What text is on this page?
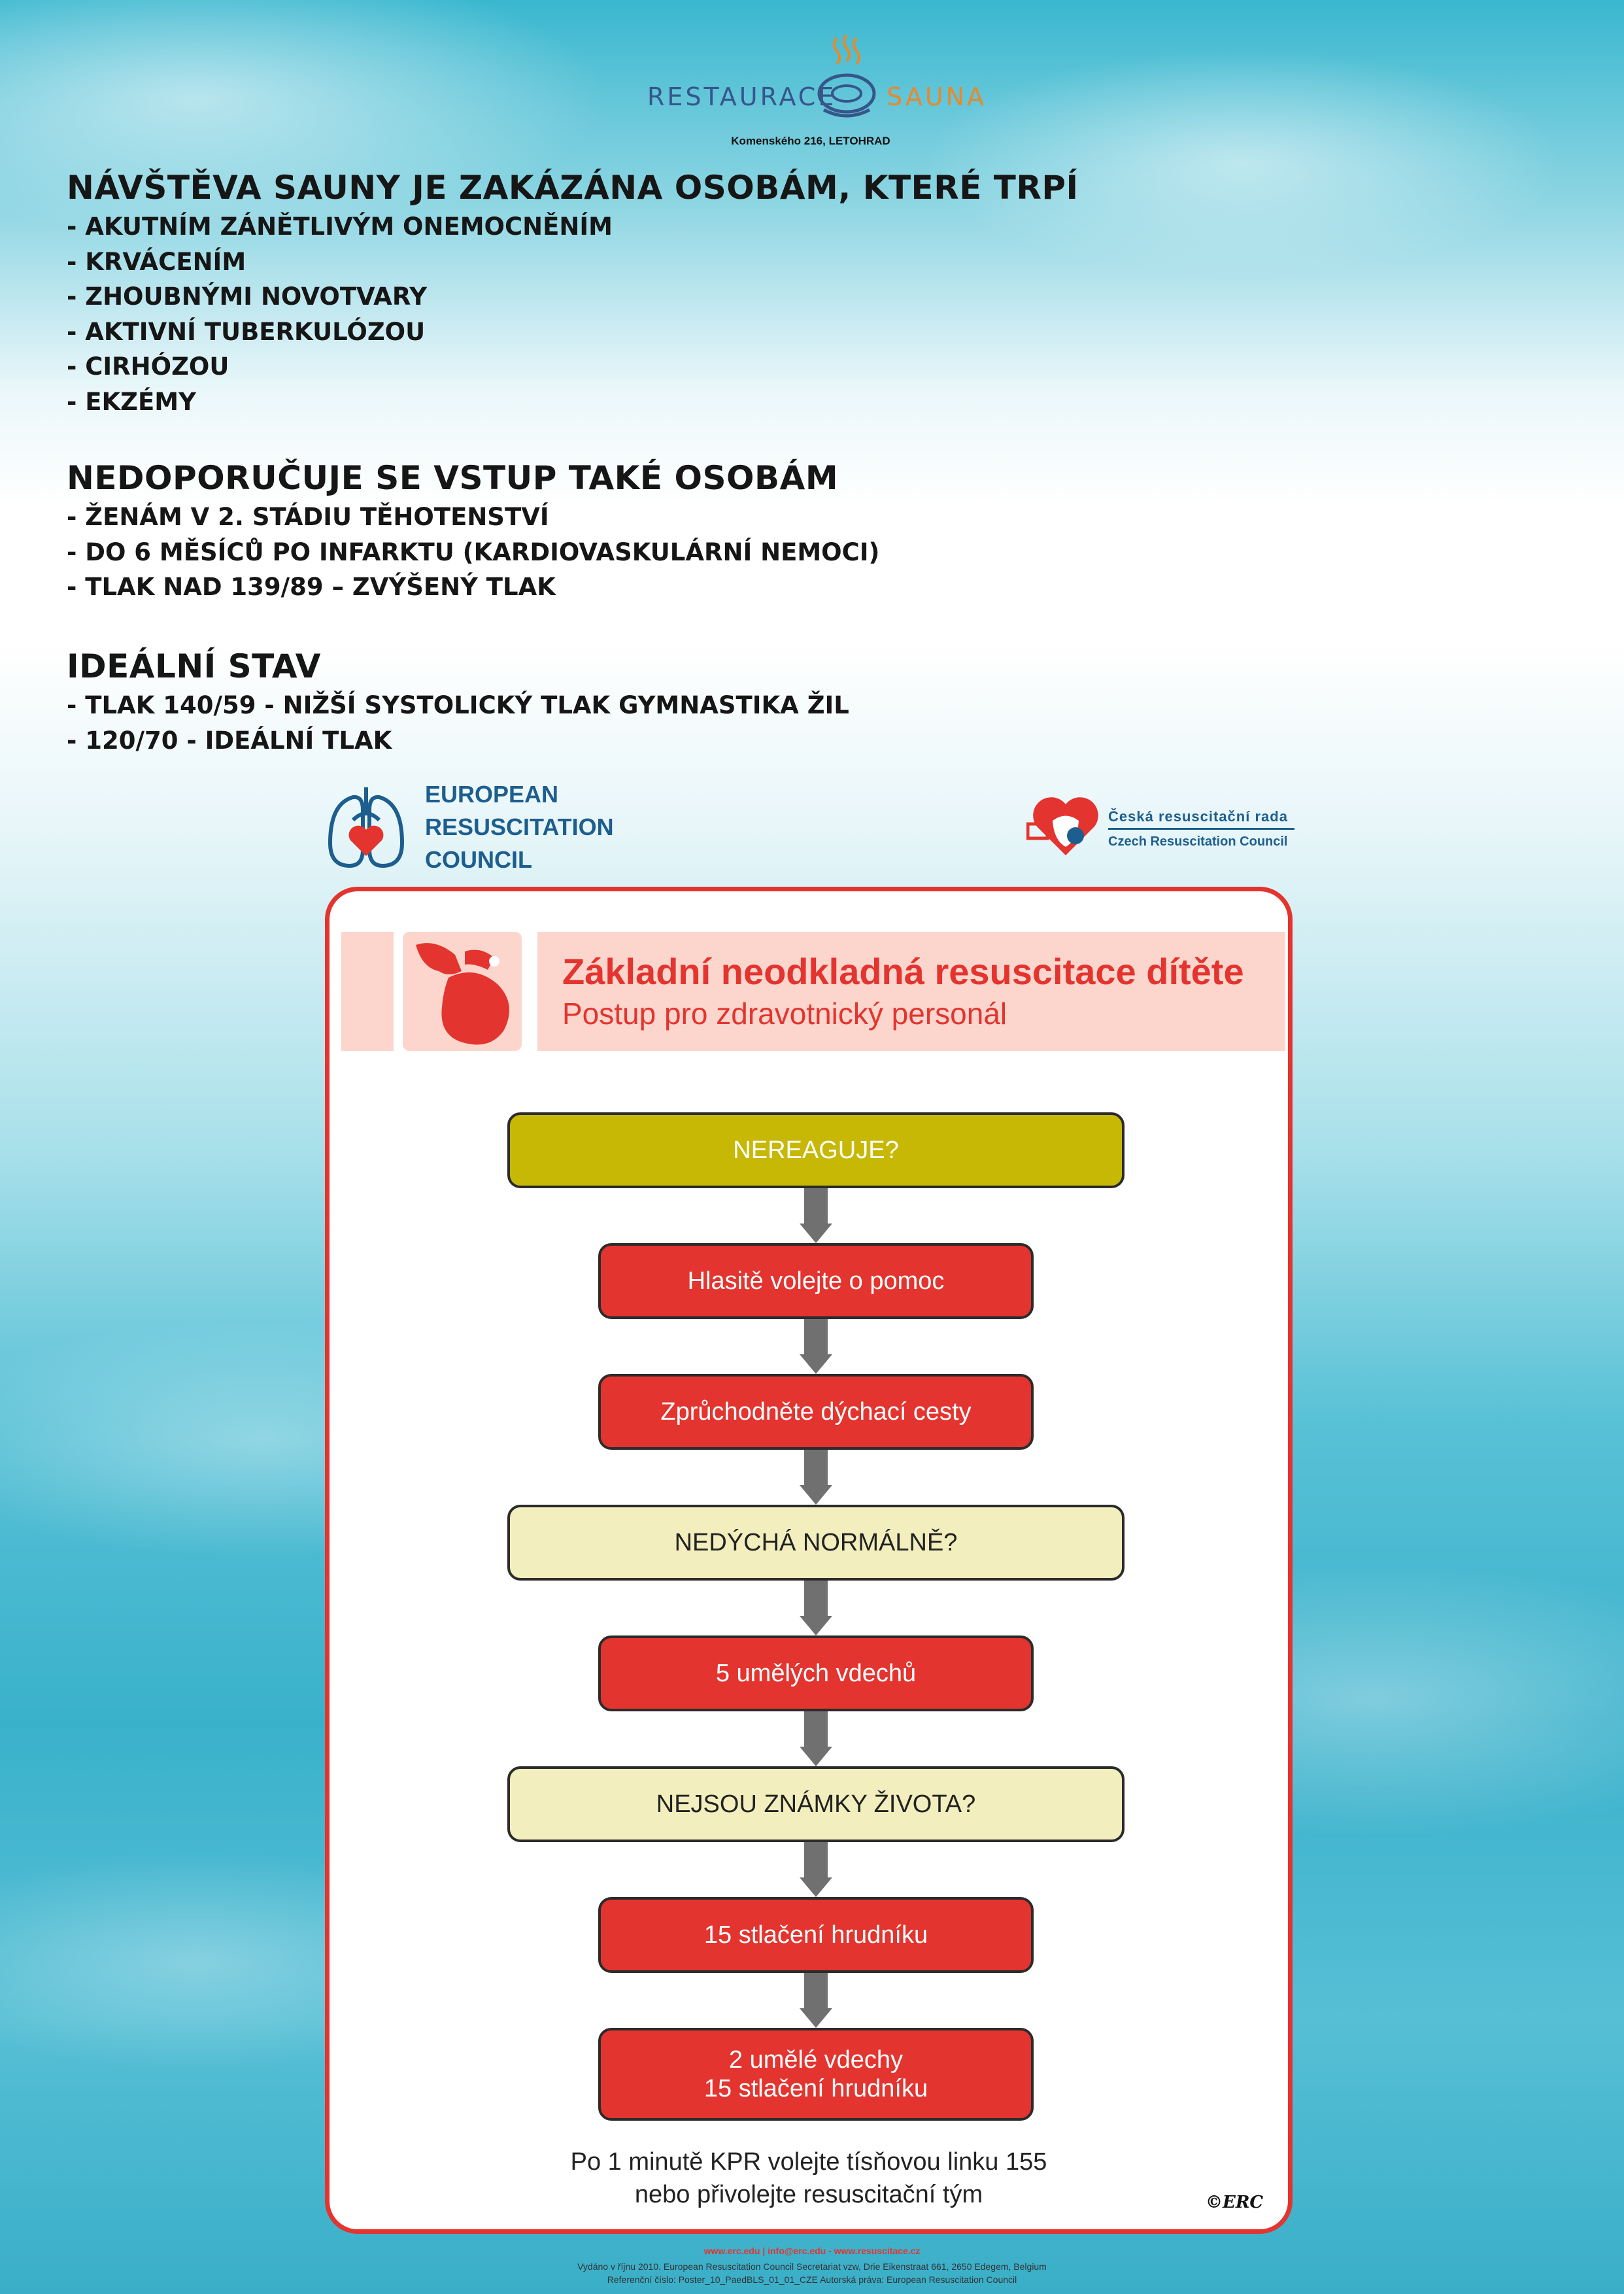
RESTAURACE SAUNA
Komenského 216, LETOHRAD
NÁVŠTĚVA SAUNY JE ZAKÁZÁNA OSOBÁM, KTERÉ TRPÍ
- AKUTNÍM ZÁNĚTLIVÝM ONEMOCNĚNÍM
- KRVÁCENÍM
- ZHOUBNÝMI NOVOTVARY
- AKTIVNÍ TUBERKULÓZOU
- CIRHÓZOU
- EKZÉMY
NEDOPORUČUJE SE VSTUP TAKÉ OSOBÁM
- ŽENÁM V 2. STÁDIU TĚHOTENSTVÍ
- DO 6 MĚSÍCŮ PO INFARKTU (KARDIOVASKULÁRNÍ NEMOCI)
- TLAK NAD 139/89 – ZVÝŠENÝ TLAK
IDEÁLNÍ STAV
- TLAK 140/59 - NIŽŠÍ SYSTOLICKÝ TLAK GYMNASTIKA ŽIL
- 120/70 - IDEÁLNÍ TLAK
EUROPEAN
RESUSCITATION
COUNCIL
Česká resuscitační rada
Czech Resuscitation Council
Základní neodkladná resuscitace dítěte
Postup pro zdravotnický personál
NEREAGUJE?
Hlasitě volejte o pomoc
Zprůchodněte dýchací cesty
NEDÝCHÁ NORMÁLNĚ?
5 umělých vdechů
NEJSOU ZNÁMKY ŽIVOTA?
15 stlačení hrudníku
2 umělé vdechy
15 stlačení hrudníku
Po 1 minutě KPR volejte tísňovou linku 155
nebo přivolejte resuscitační tým	©ERC
www.erc.edu | info@erc.edu - www.resuscitace.cz
Vydáno v říjnu 2010. European Resuscitation Council Secretariat vzw, Drie Eikenstraat 661, 2650 Edegem, Belgium
Referenční číslo: Poster_10_PaedBLS_01_01_CZE Autorská práva: European Resuscitation Council
